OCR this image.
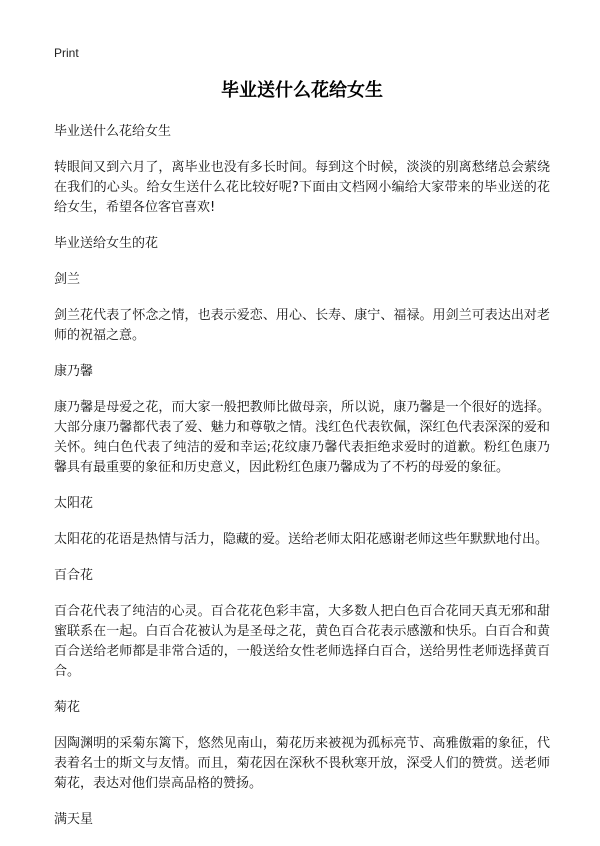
Print
毕业送什么花给女生

毕业送什么花给女生

转眼间又到六月了，离毕业也没有多长时间。每到这个时候，淡淡的别离愁绪总会萦绕在我们的心头。给女生送什么花比较好呢?下面由文档网小编给大家带来的毕业送的花给女生，希望各位客官喜欢!

毕业送给女生的花

剑兰

剑兰花代表了怀念之情，也表示爱恋、用心、长寿、康宁、福禄。用剑兰可表达出对老师的祝福之意。

康乃馨

康乃馨是母爱之花，而大家一般把教师比做母亲，所以说，康乃馨是一个很好的选择。大部分康乃馨都代表了爱、魅力和尊敬之情。浅红色代表钦佩，深红色代表深深的爱和关怀。纯白色代表了纯洁的爱和幸运;花纹康乃馨代表拒绝求爱时的道歉。粉红色康乃馨具有最重要的象征和历史意义，因此粉红色康乃馨成为了不朽的母爱的象征。

太阳花

太阳花的花语是热情与活力，隐藏的爱。送给老师太阳花感谢老师这些年默默地付出。

百合花

百合花代表了纯洁的心灵。百合花花色彩丰富，大多数人把白色百合花同天真无邪和甜蜜联系在一起。白百合花被认为是圣母之花，黄色百合花表示感激和快乐。白百合和黄百合送给老师都是非常合适的，一般送给女性老师选择白百合，送给男性老师选择黄百合。

菊花

因陶渊明的采菊东篱下，悠然见南山，菊花历来被视为孤标亮节、高雅傲霜的象征，代表着名士的斯文与友情。而且，菊花因在深秋不畏秋寒开放，深受人们的赞赏。送老师菊花，表达对他们崇高品格的赞扬。

满天星
